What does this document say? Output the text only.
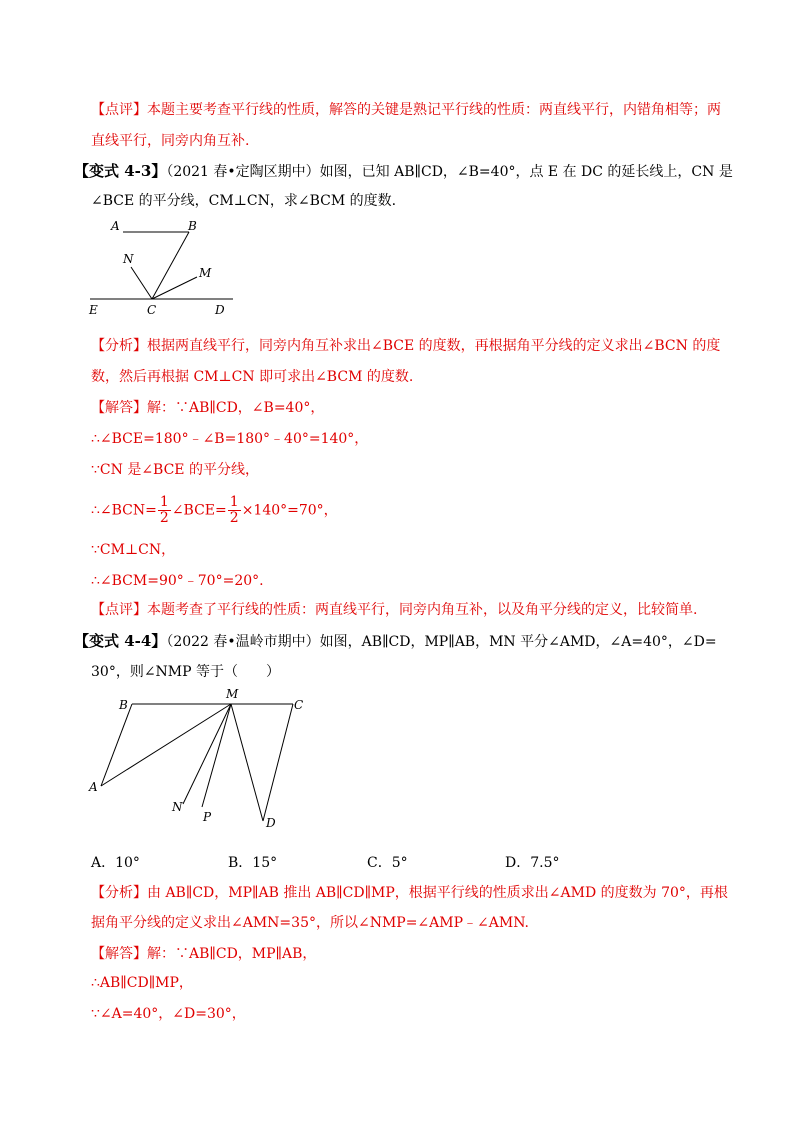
【点评】本题主要考查平行线的性质，解答的关键是熟记平行线的性质：两直线平行，内错角相等；两
直线平行，同旁内角互补.
【变式 4-3】（2021 春•定陶区期中）如图，已知 AB∥CD，∠B=40°，点 E 在 DC 的延长线上，CN 是
∠BCE 的平分线，CM⊥CN，求∠BCM 的度数.
A	B
N
M
E	C	D
【分析】根据两直线平行，同旁内角互补求出∠BCE 的度数，再根据角平分线的定义求出∠BCN 的度
数，然后再根据 CM⊥CN 即可求出∠BCM 的度数.
【解答】解：∵AB∥CD，∠B=40°，
∴∠BCE=180°﹣∠B=180°﹣40°=140°，
∵CN 是∠BCE 的平分线，
∴∠BCN= $\frac{1}{2}$ ∠BCE= $\frac{1}{2} \times 140^\circ=70^\circ$，
∵CM⊥CN，
∴∠BCM=90°﹣70°=20°.
【点评】本题考查了平行线的性质：两直线平行，同旁内角互补，以及角平分线的定义，比较简单.
【变式 4-4】（2022 春•温岭市期中）如图，AB∥CD，MP∥AB，MN 平分∠AMD，∠A=40°，∠D=
30°，则∠NMP 等于（　　）
B
M
C
A
N
P	D
A．10°	B．15°	C．5°	D．7.5°
【分析】由 AB∥CD，MP∥AB 推出 AB∥CD∥MP，根据平行线的性质求出∠AMD 的度数为 70°，再根
据角平分线的定义求出∠AMN=35°，所以∠NMP=∠AMP﹣∠AMN.
【解答】解：∵AB∥CD，MP∥AB，
∴AB∥CD∥MP，
∵∠A=40°，∠D=30°，
